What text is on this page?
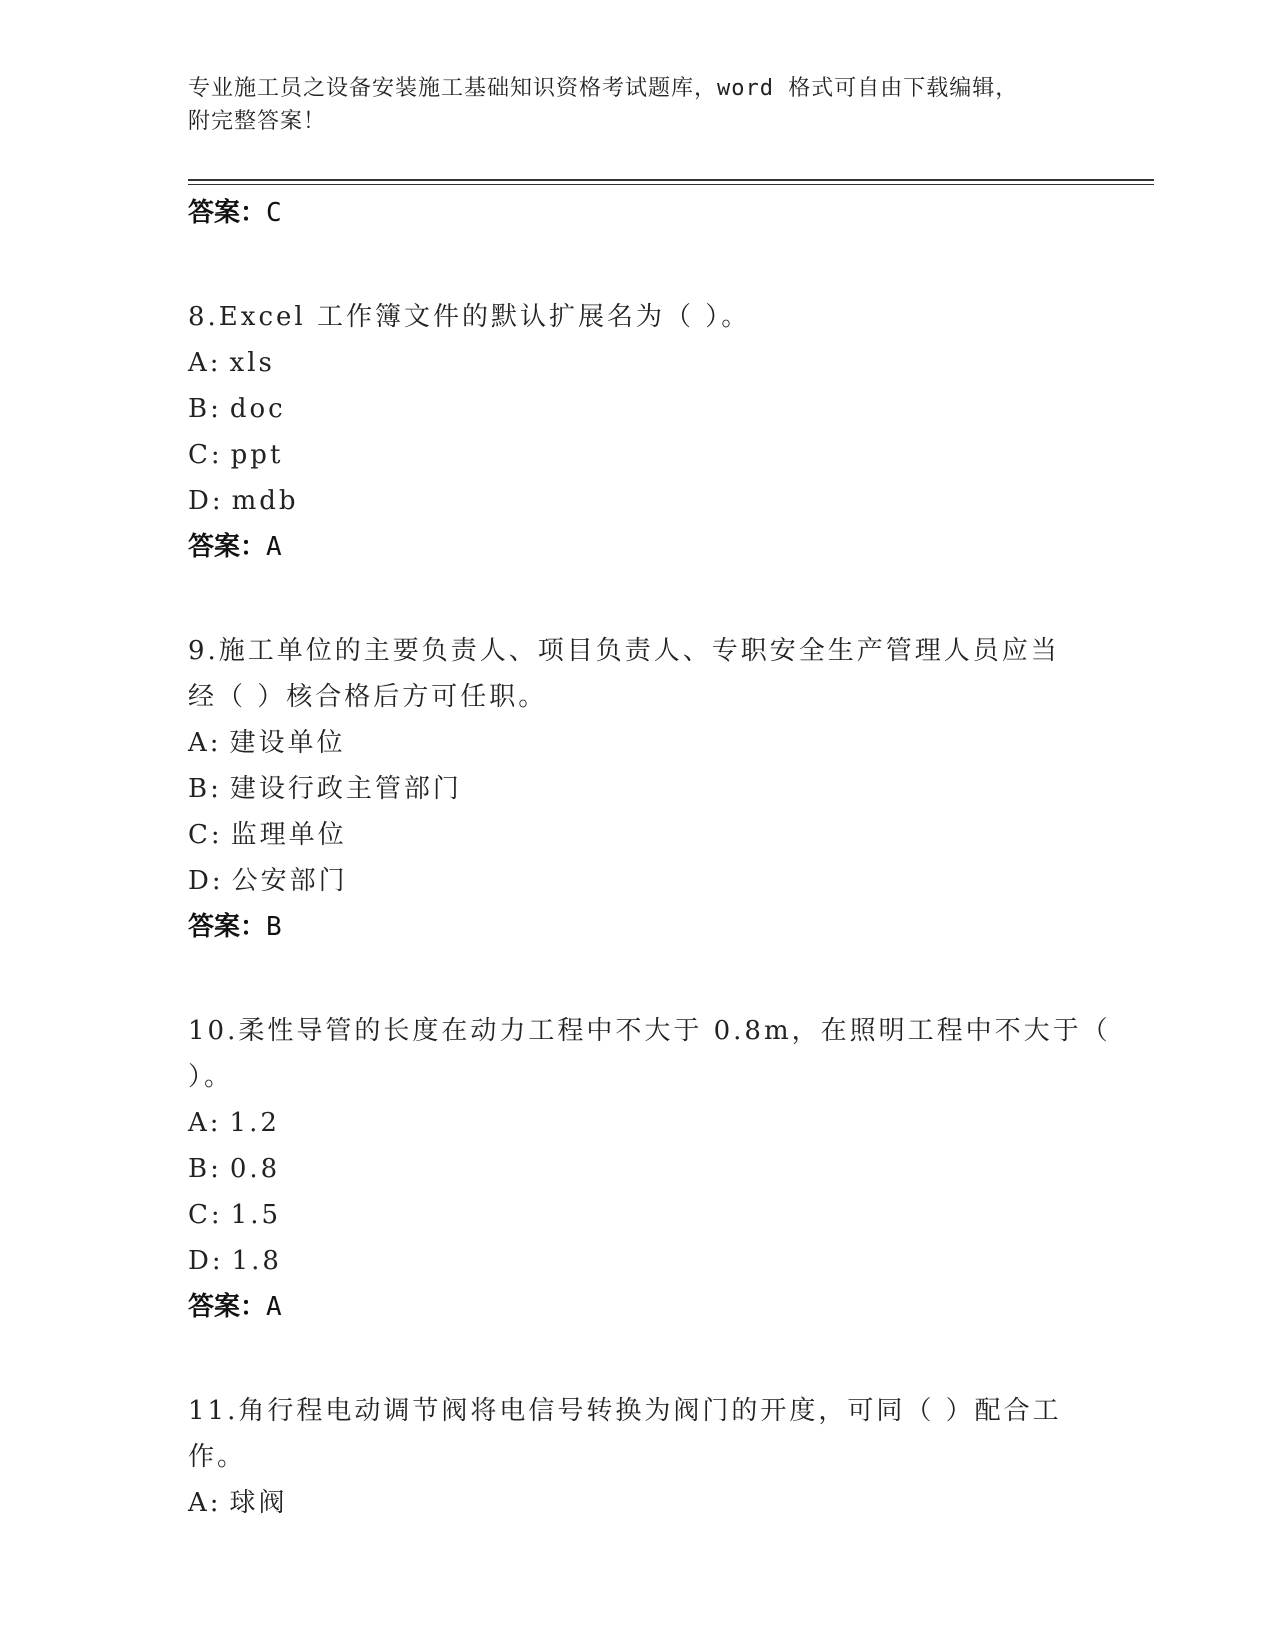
专业施工员之设备安装施工基础知识资格考试题库，word 格式可自由下载编辑，
附完整答案！
答案：C
8.Excel 工作簿文件的默认扩展名为（ ）。
A: xls
B: doc
C: ppt
D: mdb
答案：A
9.施工单位的主要负责人、项目负责人、专职安全生产管理人员应当
经（ ）核合格后方可任职。
A: 建设单位
B: 建设行政主管部门
C: 监理单位
D: 公安部门
答案：B
10.柔性导管的长度在动力工程中不大于 0.8m，在照明工程中不大于（
）。
A: 1.2
B: 0.8
C: 1.5
D: 1.8
答案：A
11.角行程电动调节阀将电信号转换为阀门的开度，可同（ ）配合工
作。
A: 球阀
